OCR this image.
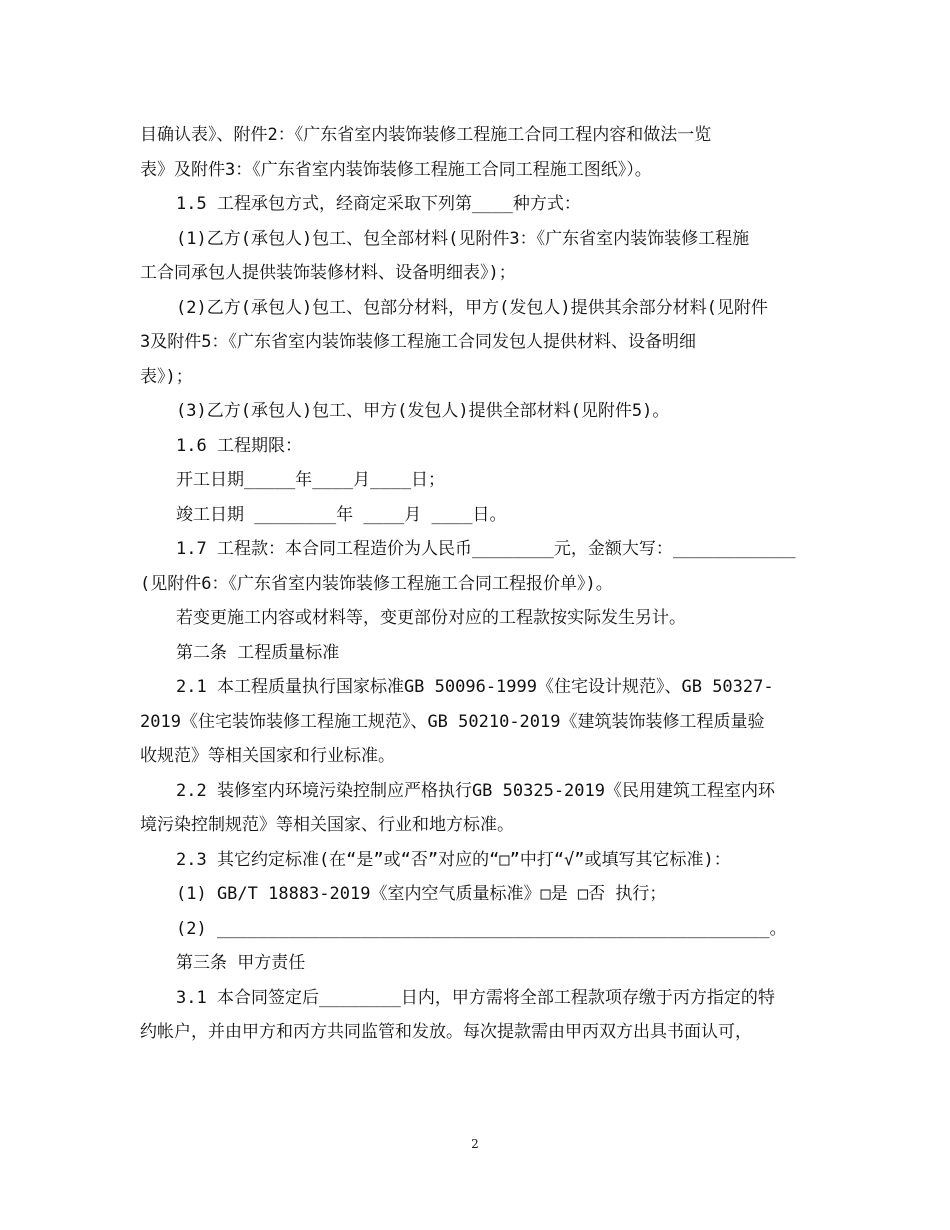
目确认表》、附件2：《广东省室内装饰装修工程施工合同工程内容和做法一览
表》及附件3：《广东省室内装饰装修工程施工合同工程施工图纸》）。
1.5 工程承包方式，经商定采取下列第____种方式：
(1)乙方(承包人)包工、包全部材料(见附件3：《广东省室内装饰装修工程施
工合同承包人提供装饰装修材料、设备明细表》)；
(2)乙方(承包人)包工、包部分材料，甲方(发包人)提供其余部分材料(见附件
3及附件5：《广东省室内装饰装修工程施工合同发包人提供材料、设备明细
表》)；
(3)乙方(承包人)包工、甲方(发包人)提供全部材料(见附件5)。
1.6 工程期限：
开工日期_____年____月____日；
竣工日期 ________年 ____月 ____日。
1.7 工程款：本合同工程造价为人民币________元，金额大写：____________
(见附件6：《广东省室内装饰装修工程施工合同工程报价单》)。
若变更施工内容或材料等，变更部份对应的工程款按实际发生另计。
第二条 工程质量标准
2.1 本工程质量执行国家标准GB 50096-1999《住宅设计规范》、GB 50327-
2019《住宅装饰装修工程施工规范》、GB 50210-2019《建筑装饰装修工程质量验
收规范》等相关国家和行业标准。
2.2 装修室内环境污染控制应严格执行GB 50325-2019《民用建筑工程室内环
境污染控制规范》等相关国家、行业和地方标准。
2.3 其它约定标准(在“是”或“否”对应的“□”中打“√”或填写其它标准)：
(1) GB/T 18883-2019《室内空气质量标准》□是 □否 执行；
(2) ______________________________________________________。
第三条 甲方责任
3.1 本合同签定后________日内，甲方需将全部工程款项存缴于丙方指定的特
约帐户，并由甲方和丙方共同监管和发放。每次提款需由甲丙双方出具书面认可，
2
